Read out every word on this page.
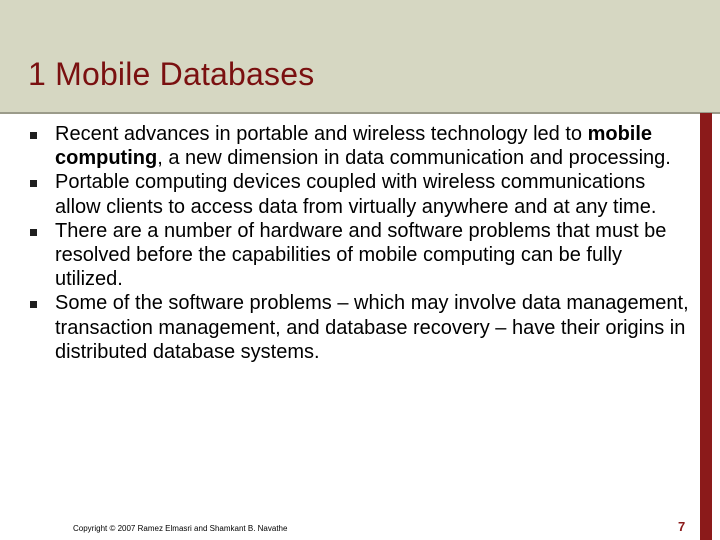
1 Mobile Databases
Recent advances in portable and wireless technology led to mobile computing, a new dimension in data communication and processing.
Portable computing devices coupled with wireless communications allow clients to access data from virtually anywhere and at any time.
There are a number of hardware and software problems that must be resolved before the capabilities of mobile computing can be fully utilized.
Some of the software problems – which may involve data management, transaction management, and database recovery – have their origins in distributed database systems.
Copyright © 2007 Ramez Elmasri and Shamkant B. Navathe	7
